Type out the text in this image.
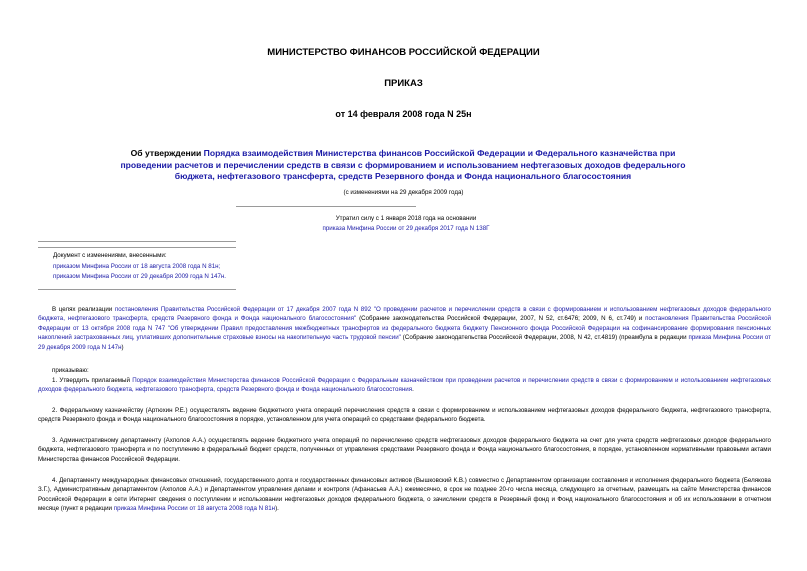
МИНИСТЕРСТВО ФИНАНСОВ РОССИЙСКОЙ ФЕДЕРАЦИИ
ПРИКАЗ
от 14 февраля 2008 года N 25н
Об утверждении Порядка взаимодействия Министерства финансов Российской Федерации и Федерального казначейства при проведении расчетов и перечислении средств в связи с формированием и использованием нефтегазовых доходов федерального бюджета, нефтегазового трансферта, средств Резервного фонда и Фонда национального благосостояния
(с изменениями на 29 декабря 2009 года)
Утратил силу с 1 января 2018 года на основании
приказа Минфина России от 29 декабря 2017 года N 138Г
Документ с изменениями, внесенными:
приказом Минфина России от 18 августа 2008 года N 81н;
приказом Минфина России от 29 декабря 2009 года N 147н.
В целях реализации постановления Правительства Российской Федерации от 17 декабря 2007 года N 892 "О проведении расчетов и перечислении средств в связи с формированием и использованием нефтегазовых доходов федерального бюджета, нефтегазового трансферта, средств Резервного фонда и Фонда национального благосостояния" (Собрание законодательства Российской Федерации, 2007, N 52, ст.6476; 2009, N 6, ст.749) и постановления Правительства Российской Федерации от 13 октября 2008 года N 747 "Об утверждении Правил предоставления межбюджетных трансфертов из федерального бюджета бюджету Пенсионного фонда Российской Федерации на софинансирование формирования пенсионных накоплений застрахованных лиц, уплативших дополнительные страховые взносы на накопительную часть трудовой пенсии" (Собрание законодательства Российской Федерации, 2008, N 42, ст.4819) (преамбула в редакции приказа Минфина России от 29 декабря 2009 года N 147н)
приказываю:
1. Утвердить прилагаемый Порядок взаимодействия Министерства финансов Российской Федерации с Федеральным казначейством при проведении расчетов и перечислении средств в связи с формированием и использованием нефтегазовых доходов федерального бюджета, нефтегазового трансферта, средств Резервного фонда и Фонда национального благосостояния.
2. Федеральному казначейству (Артюхин Р.Е.) осуществлять ведение бюджетного учета операций перечисления средств в связи с формированием и использованием нефтегазовых доходов федерального бюджета, нефтегазового трансферта, средств Резервного фонда и Фонда национального благосостояния в порядке, установленном для учета операций со средствами федерального бюджета.
3. Административному департаменту (Ахполов А.А.) осуществлять ведение бюджетного учета операций по перечислению средств нефтегазовых доходов федерального бюджета на счет для учета средств нефтегазовых доходов федерального бюджета, нефтегазового трансферта и по поступлению в федеральный бюджет средств, полученных от управления средствами Резервного фонда и Фонда национального благосостояния, в порядке, установленном нормативными правовыми актами Министерства финансов Российской Федерации.
4. Департаменту международных финансовых отношений, государственного долга и государственных финансовых активов (Вышковский К.В.) совместно с Департаментом организации составления и исполнения федерального бюджета (Белякова З.Г.), Административным департаментом (Ахполов А.А.) и Департаментом управления делами и контроля (Афанасьев А.А.) ежемесячно, в срок не позднее 20-го числа месяца, следующего за отчетным, размещать на сайте Министерства финансов Российской Федерации в сети Интернет сведения о поступлении и использовании нефтегазовых доходов федерального бюджета, о зачислении средств в Резервный фонд и Фонд национального благосостояния и об их использовании в отчетном месяце (пункт в редакции приказа Минфина России от 18 августа 2008 года N 81н).
